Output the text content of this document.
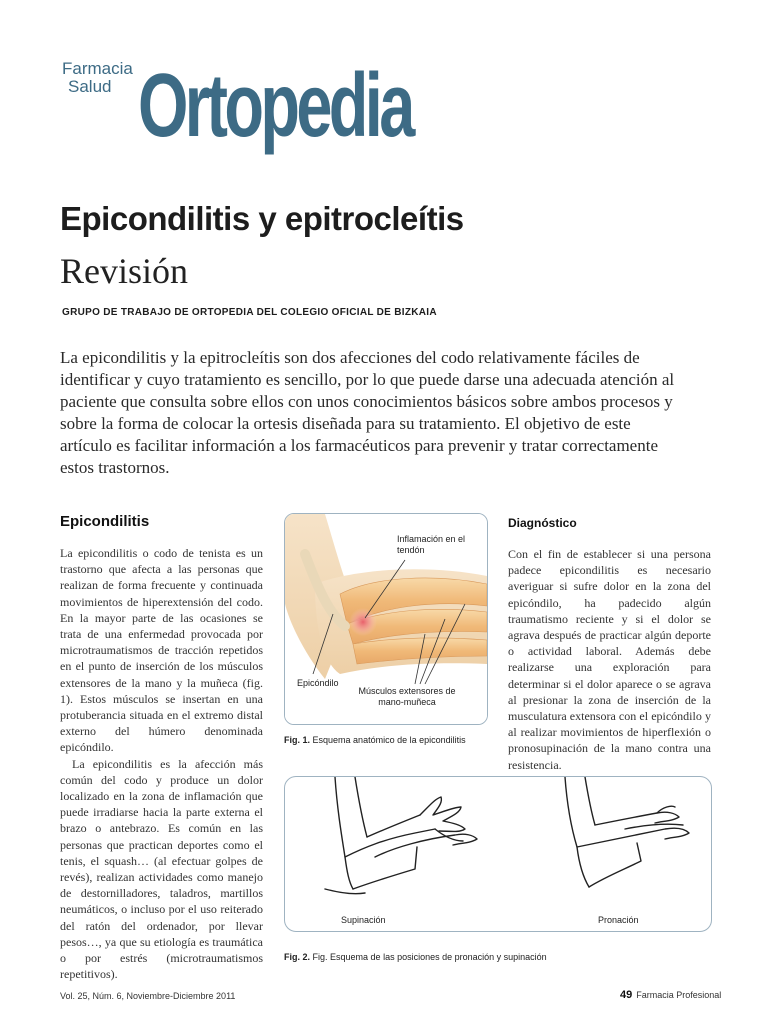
Farmacia
Salud Ortopedia
Epicondilitis y epitrocleítis
Revisión
GRUPO DE TRABAJO DE ORTOPEDIA DEL COLEGIO OFICIAL DE BIZKAIA
La epicondilitis y la epitrocleítis son dos afecciones del codo relativamente fáciles de identificar y cuyo tratamiento es sencillo, por lo que puede darse una adecuada atención al paciente que consulta sobre ellos con unos conocimientos básicos sobre ambos procesos y sobre la forma de colocar la ortesis diseñada para su tratamiento. El objetivo de este artículo es facilitar información a los farmacéuticos para prevenir y tratar correctamente estos trastornos.
Epicondilitis

La epicondilitis o codo de tenista es un trastorno que afecta a las personas que realizan de forma frecuente y continuada movimientos de hiperextensión del codo. En la mayor parte de las ocasiones se trata de una enfermedad provocada por microtraumatismos de tracción repetidos en el punto de inserción de los músculos extensores de la mano y la muñeca (fig. 1). Estos músculos se insertan en una protuberancia situada en el extremo distal externo del húmero denominada epicóndilo.

La epicondilitis es la afección más común del codo y produce un dolor localizado en la zona de inflamación que puede irradiarse hacia la parte externa el brazo o antebrazo. Es común en las personas que practican deportes como el tenis, el squash… (al efectuar golpes de revés), realizan actividades como manejo de destornilladores, taladros, martillos neumáticos, o incluso por el uso reiterado del ratón del ordenador, por llevar pesos…, ya que su etiología es traumática o por estrés (microtraumatismos repetitivos).

Inflamación en el tendón
Epicóndilo
Músculos extensores de mano-muñeca
Fig. 1. Esquema anatómico de la epicondilitis
Diagnóstico

Con el fin de establecer si una persona padece epicondilitis es necesario averiguar si sufre dolor en la zona del epicóndilo, ha padecido algún traumatismo reciente y si el dolor se agrava después de practicar algún deporte o actividad laboral. Además debe realizarse una exploración para determinar si el dolor aparece o se agrava al presionar la zona de inserción de la musculatura extensora con el epicóndilo y al realizar movimientos de hiperflexión o pronosupinación de la mano contra una resistencia.

Supinación	Pronación
Fig. 2. Fig. Esquema de las posiciones de pronación y supinación
Vol. 25, Núm. 6, Noviembre-Diciembre 2011	49 Farmacia Profesional
